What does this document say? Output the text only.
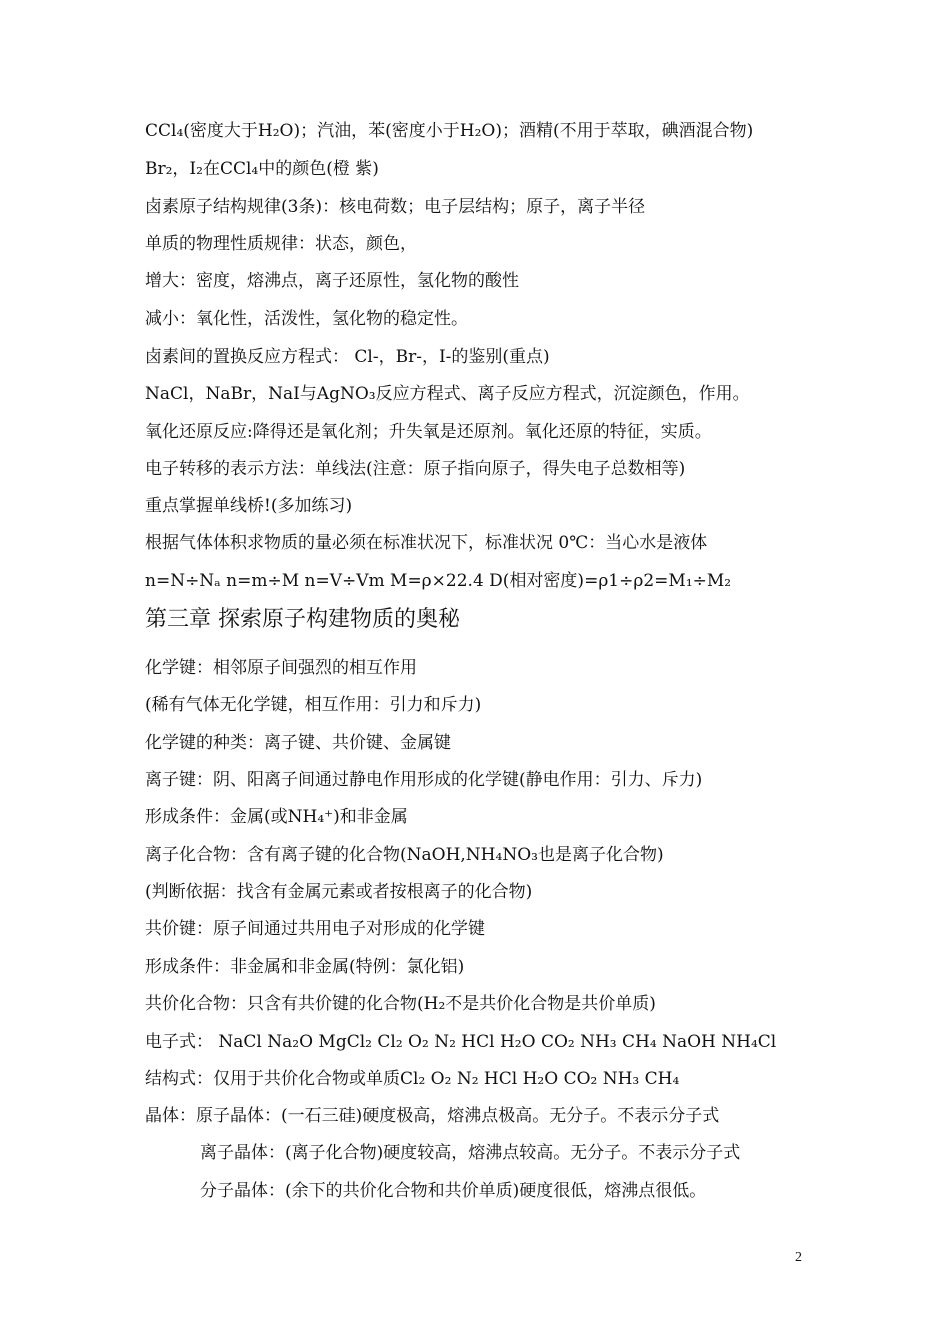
CCl₄(密度大于H₂O)；汽油，苯(密度小于H₂O)；酒精(不用于萃取，碘酒混合物)
Br₂，I₂在CCl₄中的颜色(橙 紫)
卤素原子结构规律(3条)：核电荷数；电子层结构；原子，离子半径
单质的物理性质规律：状态，颜色，
增大：密度，熔沸点，离子还原性，氢化物的酸性
减小：氧化性，活泼性，氢化物的稳定性。
卤素间的置换反应方程式： Cl-，Br-，I-的鉴别(重点)
NaCl，NaBr，NaI与AgNO₃反应方程式、离子反应方程式，沉淀颜色，作用。
氧化还原反应:降得还是氧化剂；升失氧是还原剂。氧化还原的特征，实质。
电子转移的表示方法：单线法(注意：原子指向原子，得失电子总数相等)
重点掌握单线桥!(多加练习)
根据气体体积求物质的量必须在标准状况下，标准状况 0℃：当心水是液体
n=N÷Nₐ n=m÷M n=V÷Vm M=ρ×22.4 D(相对密度)=ρ1÷ρ2=M₁÷M₂
第三章 探索原子构建物质的奥秘
化学键：相邻原子间强烈的相互作用
(稀有气体无化学键，相互作用：引力和斥力)
化学键的种类：离子键、共价键、金属键
离子键：阴、阳离子间通过静电作用形成的化学键(静电作用：引力、斥力)
形成条件：金属(或NH₄⁺)和非金属
离子化合物：含有离子键的化合物(NaOH,NH₄NO₃也是离子化合物)
(判断依据：找含有金属元素或者按根离子的化合物)
共价键：原子间通过共用电子对形成的化学键
形成条件：非金属和非金属(特例：氯化铝)
共价化合物：只含有共价键的化合物(H₂不是共价化合物是共价单质)
电子式： NaCl Na₂O MgCl₂ Cl₂ O₂ N₂ HCl H₂O CO₂ NH₃ CH₄ NaOH NH₄Cl
结构式：仅用于共价化合物或单质Cl₂ O₂ N₂ HCl H₂O CO₂ NH₃ CH₄
晶体：原子晶体：(一石三硅)硬度极高，熔沸点极高。无分子。不表示分子式
离子晶体：(离子化合物)硬度较高，熔沸点较高。无分子。不表示分子式
分子晶体：(余下的共价化合物和共价单质)硬度很低，熔沸点很低。
2
